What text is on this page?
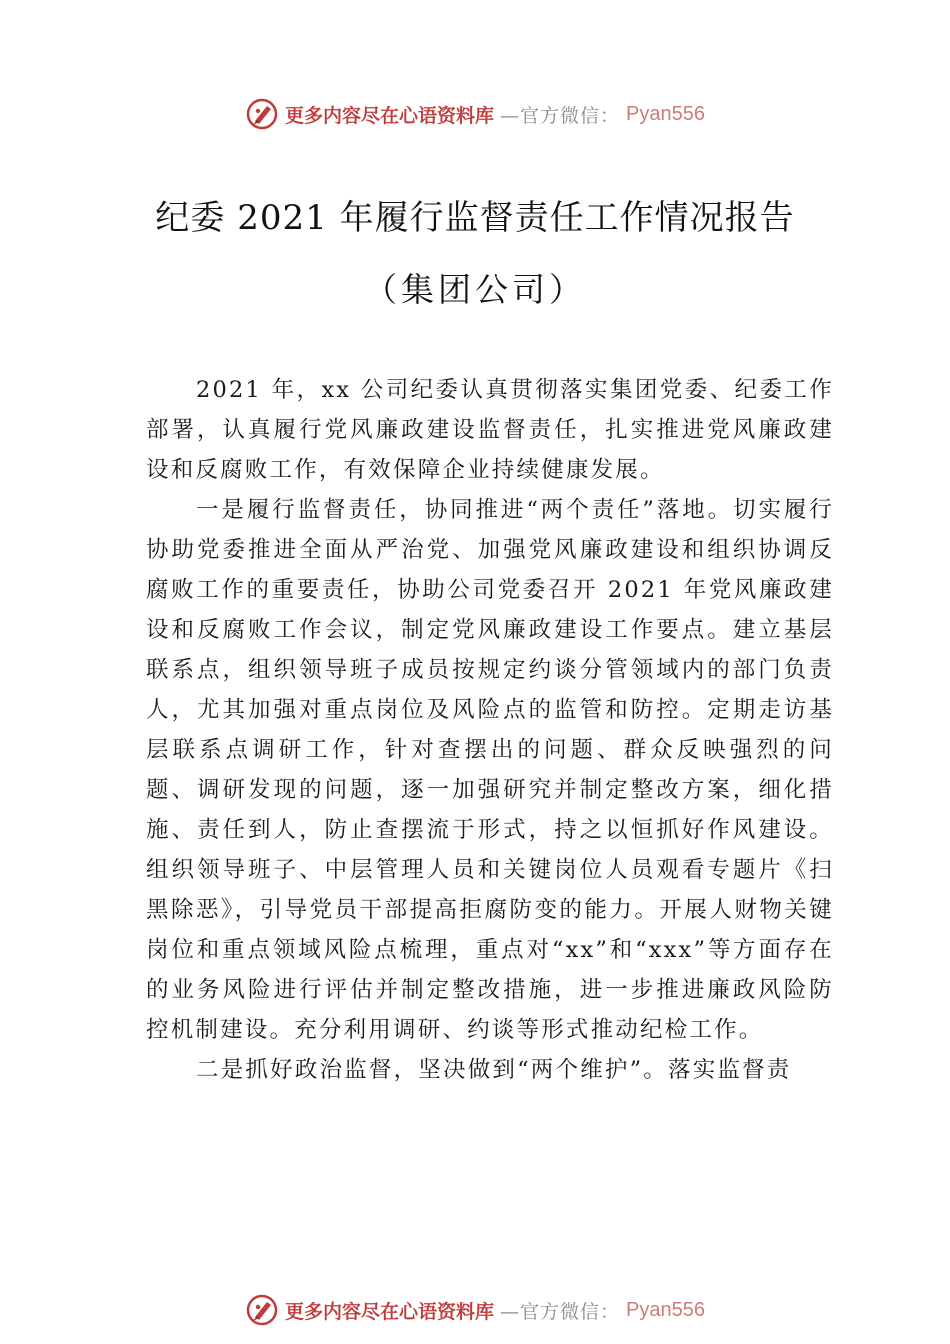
更多内容尽在心语资料库 —官方微信： Pyan556
纪委 2021 年履行监督责任工作情况报告
（集团公司）

2021 年，xx 公司纪委认真贯彻落实集团党委、纪委工作部署，认真履行党风廉政建设监督责任，扎实推进党风廉政建设和反腐败工作，有效保障企业持续健康发展。

一是履行监督责任，协同推进“两个责任”落地。切实履行协助党委推进全面从严治党、加强党风廉政建设和组织协调反腐败工作的重要责任，协助公司党委召开 2021 年党风廉政建设和反腐败工作会议，制定党风廉政建设工作要点。建立基层联系点，组织领导班子成员按规定约谈分管领域内的部门负责人，尤其加强对重点岗位及风险点的监管和防控。定期走访基层联系点调研工作，针对查摆出的问题、群众反映强烈的问题、调研发现的问题，逐一加强研究并制定整改方案，细化措施、责任到人，防止查摆流于形式，持之以恒抓好作风建设。组织领导班子、中层管理人员和关键岗位人员观看专题片《扫黑除恶》，引导党员干部提高拒腐防变的能力。开展人财物关键岗位和重点领域风险点梳理，重点对“xx”和“xxx”等方面存在的业务风险进行评估并制定整改措施，进一步推进廉政风险防控机制建设。充分利用调研、约谈等形式推动纪检工作。

二是抓好政治监督，坚决做到“两个维护”。落实监督责

更多内容尽在心语资料库 —官方微信： Pyan556
